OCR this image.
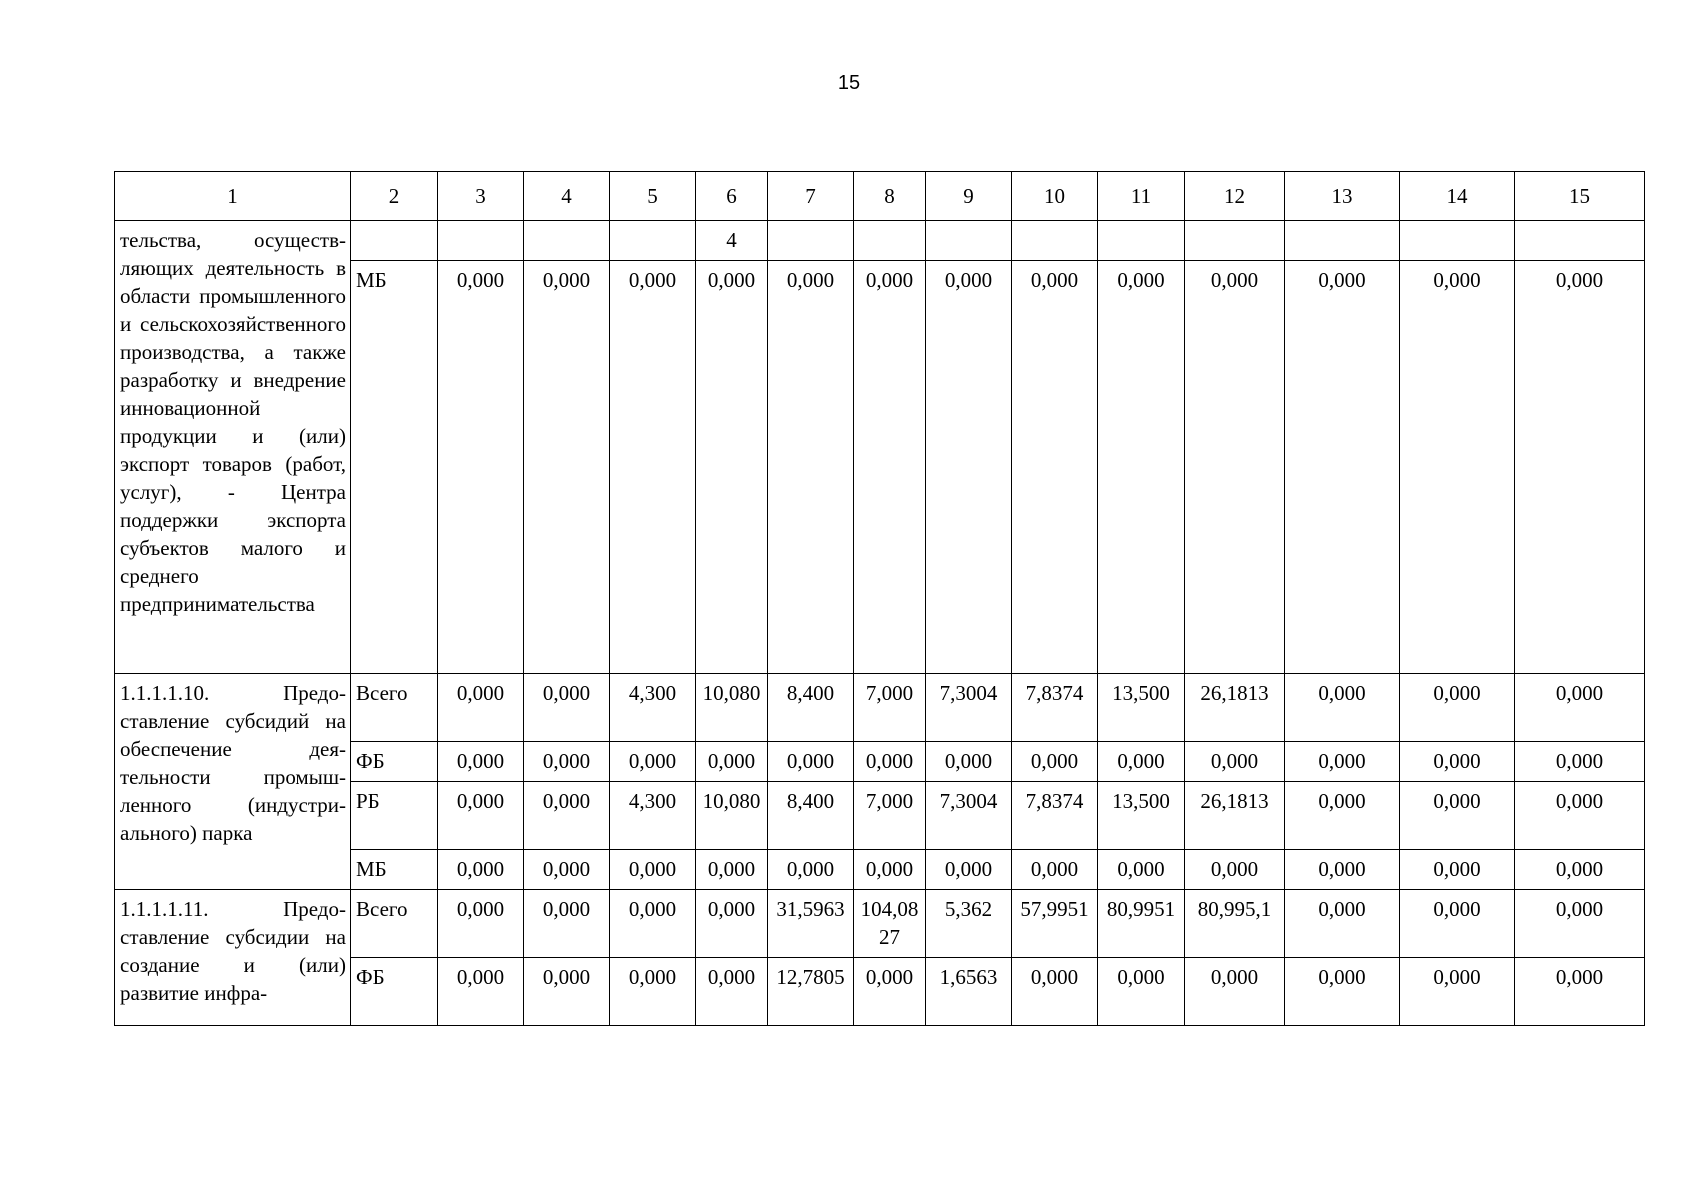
15
1	2	3	4	5	6	7	8	9	10	11	12	13	14	15
тельства, осуществляющих деятельность в области промышленного и сельскохозяйственного производства, а также разработку и внедрение инновационной продукции и (или) экспорт товаров (работ, услуг), - Центра поддержки экспорта субъектов малого и среднего предпринимательства					4									
	МБ	0,000	0,000	0,000	0,000	0,000	0,000	0,000	0,000	0,000	0,000	0,000	0,000	0,000
1.1.1.1.10. Предоставление субсидий на обеспечение деятельности промышленного (индустриального) парка	Всего	0,000	0,000	4,300	10,080	8,400	7,000	7,3004	7,8374	13,500	26,1813	0,000	0,000	0,000
	ФБ	0,000	0,000	0,000	0,000	0,000	0,000	0,000	0,000	0,000	0,000	0,000	0,000	0,000
	РБ	0,000	0,000	4,300	10,080	8,400	7,000	7,3004	7,8374	13,500	26,1813	0,000	0,000	0,000
	МБ	0,000	0,000	0,000	0,000	0,000	0,000	0,000	0,000	0,000	0,000	0,000	0,000	0,000
1.1.1.1.11. Предоставление субсидии на создание и (или) развитие инфра-	Всего	0,000	0,000	0,000	0,000	31,5963	104,0827	5,362	57,9951	80,9951	80,995,1	0,000	0,000	0,000
	ФБ	0,000	0,000	0,000	0,000	12,7805	0,000	1,6563	0,000	0,000	0,000	0,000	0,000	0,000
